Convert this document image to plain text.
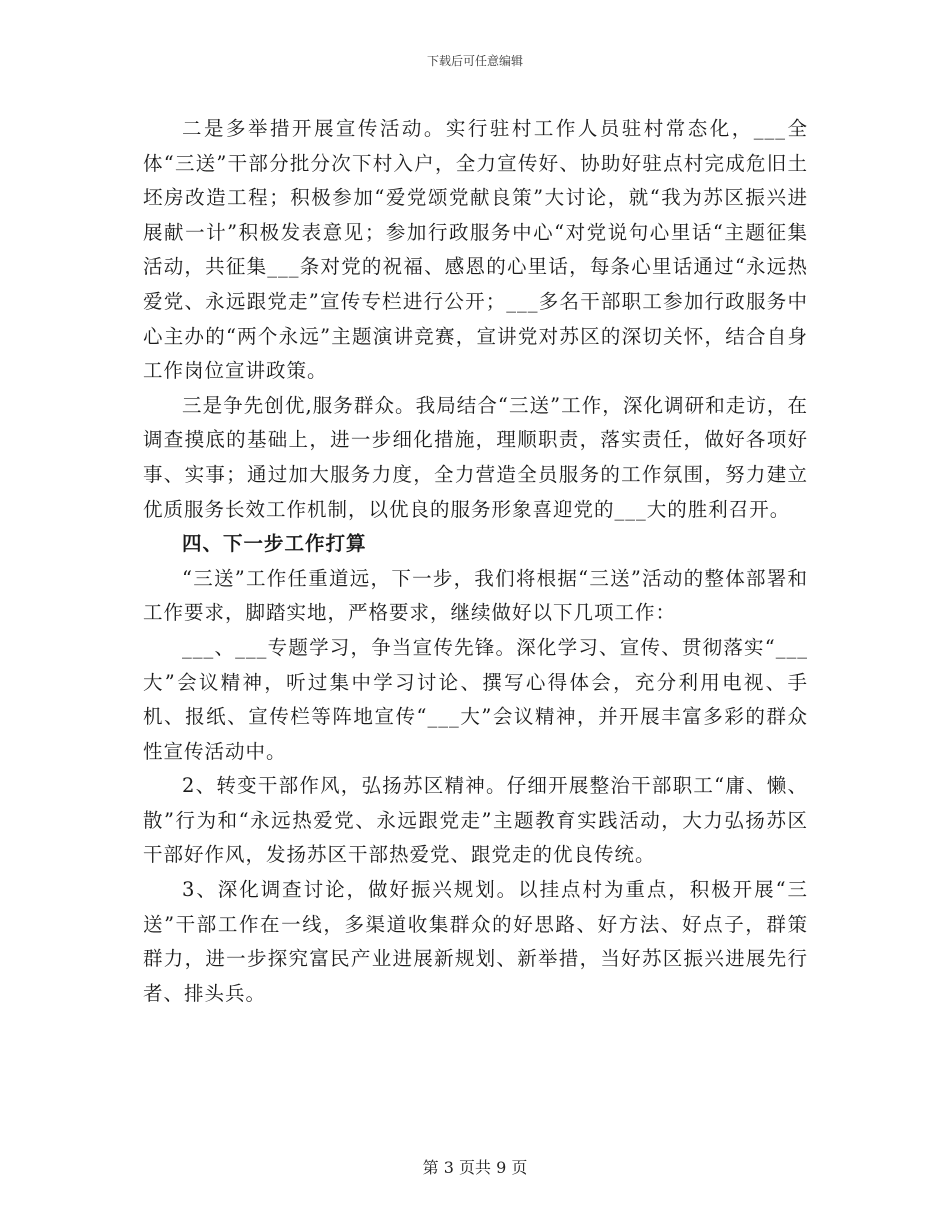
下载后可任意编辑

二是多举措开展宣传活动。实行驻村工作人员驻村常态化，___全体“三送”干部分批分次下村入户，全力宣传好、协助好驻点村完成危旧土坯房改造工程；积极参加“爱党颂党献良策”大讨论，就“我为苏区振兴进展献一计”积极发表意见；参加行政服务中心“对党说句心里话“主题征集活动，共征集___条对党的祝福、感恩的心里话，每条心里话通过“永远热爱党、永远跟党走”宣传专栏进行公开；___多名干部职工参加行政服务中心主办的“两个永远”主题演讲竞赛，宣讲党对苏区的深切关怀，结合自身工作岗位宣讲政策。

三是争先创优,服务群众。我局结合“三送”工作，深化调研和走访，在调查摸底的基础上，进一步细化措施，理顺职责，落实责任，做好各项好事、实事；通过加大服务力度，全力营造全员服务的工作氛围，努力建立优质服务长效工作机制，以优良的服务形象喜迎党的___大的胜利召开。

四、下一步工作打算

“三送”工作任重道远，下一步，我们将根据“三送”活动的整体部署和工作要求，脚踏实地，严格要求，继续做好以下几项工作：

___、___专题学习，争当宣传先锋。深化学习、宣传、贯彻落实“___大”会议精神，听过集中学习讨论、撰写心得体会，充分利用电视、手机、报纸、宣传栏等阵地宣传“___大”会议精神，并开展丰富多彩的群众性宣传活动中。

2、转变干部作风，弘扬苏区精神。仔细开展整治干部职工“庸、懒、散”行为和“永远热爱党、永远跟党走”主题教育实践活动，大力弘扬苏区干部好作风，发扬苏区干部热爱党、跟党走的优良传统。

3、深化调查讨论，做好振兴规划。以挂点村为重点，积极开展“三送”干部工作在一线，多渠道收集群众的好思路、好方法、好点子，群策群力，进一步探究富民产业进展新规划、新举措，当好苏区振兴进展先行者、排头兵。

第 3 页共 9 页
